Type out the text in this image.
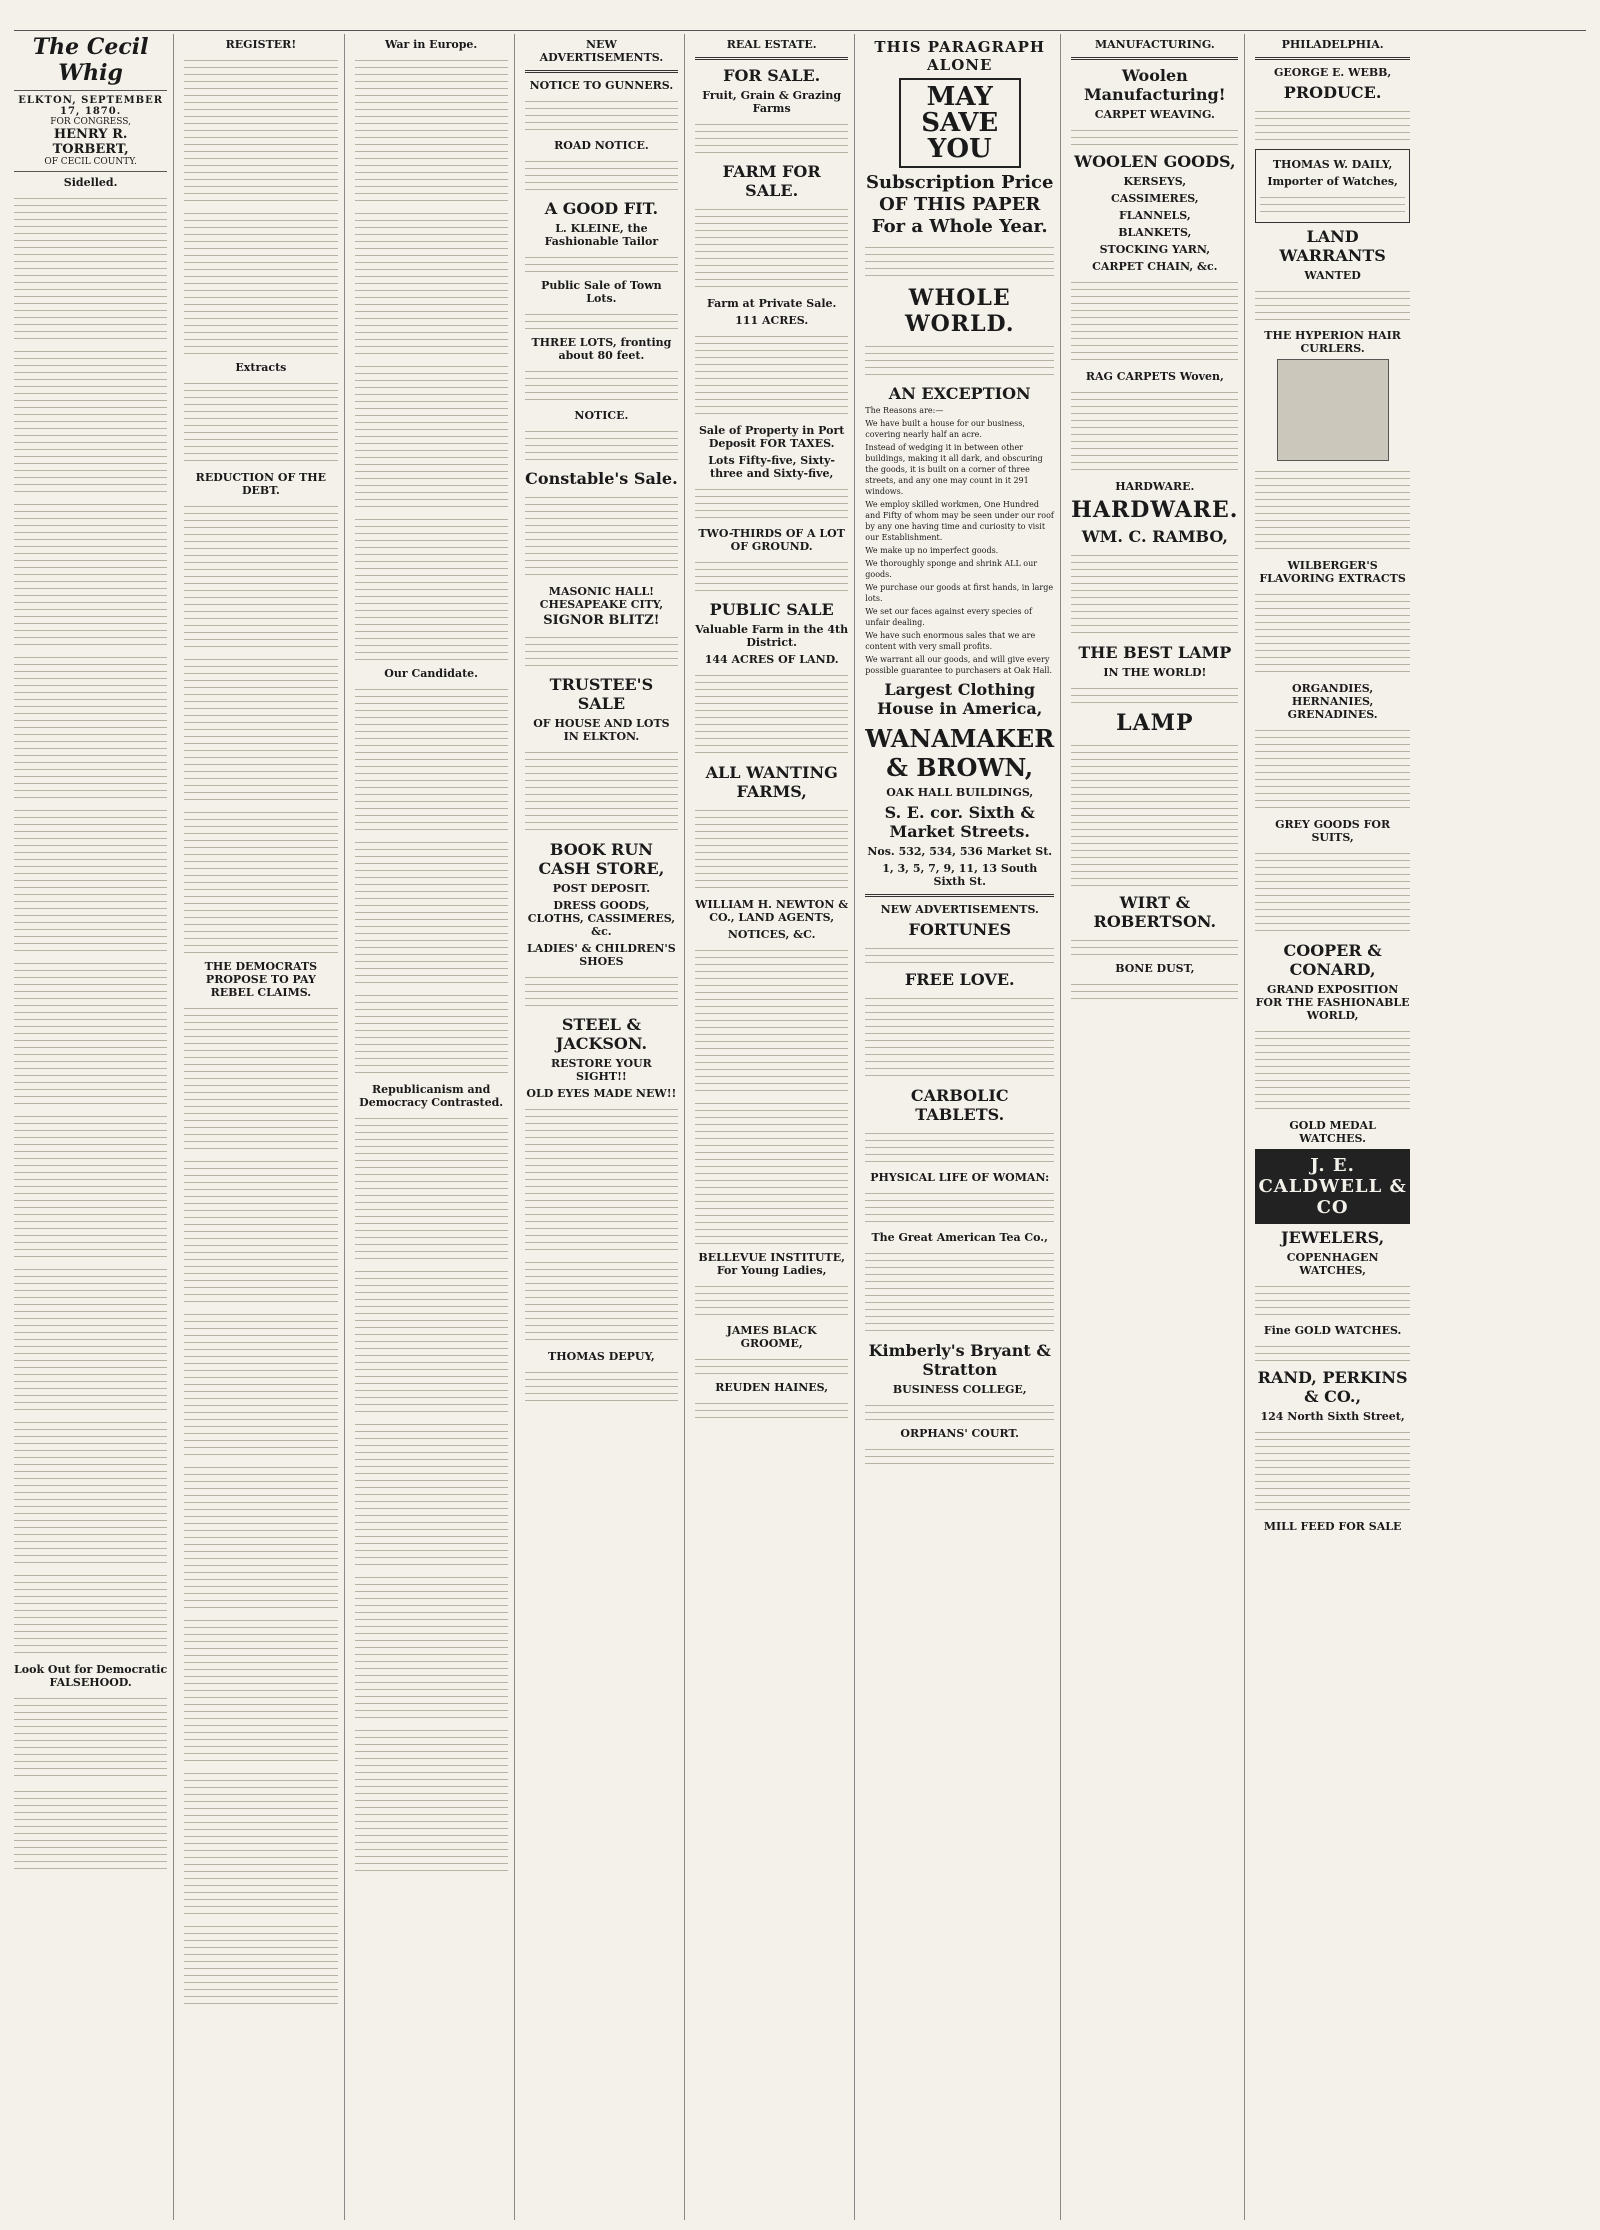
The Cecil Whig
ELKTON, SEPTEMBER 17, 1870.
FOR CONGRESS,
HENRY R. TORBERT,
OF CECIL COUNTY.
Sidelled.
Look Out for Democratic FALSEHOOD.
REGISTER!
Extracts
REDUCTION OF THE DEBT.
THE DEMOCRATS PROPOSE TO PAY REBEL CLAIMS.
War in Europe.
Our Candidate.
Republicanism and Democracy Contrasted.
NEW ADVERTISEMENTS.
NOTICE TO GUNNERS.
ROAD NOTICE.
A GOOD FIT.
L. KLEINE, the Fashionable Tailor
Public Sale of Town Lots.
THREE LOTS, fronting about 80 feet.
NOTICE.
Constable's Sale.
MASONIC HALL! CHESAPEAKE CITY,
SIGNOR BLITZ!
TRUSTEE'S SALE
OF HOUSE AND LOTS IN ELKTON.
BOOK RUN CASH STORE,
POST DEPOSIT.
DRESS GOODS, CLOTHS, CASSIMERES, &c.
LADIES' & CHILDREN'S SHOES
STEEL & JACKSON.
RESTORE YOUR SIGHT!!
OLD EYES MADE NEW!!
THOMAS DEPUY,
REAL ESTATE.
FOR SALE.
Fruit, Grain & Grazing Farms
FARM FOR SALE.
Farm at Private Sale.
111 ACRES.
Sale of Property in Port Deposit FOR TAXES.
Lots Fifty-five, Sixty-three and Sixty-five,
TWO-THIRDS OF A LOT OF GROUND.
PUBLIC SALE
Valuable Farm in the 4th District.
144 ACRES OF LAND.
ALL WANTING FARMS,
WILLIAM H. NEWTON & CO., LAND AGENTS,
NOTICES, &C.
BELLEVUE INSTITUTE, For Young Ladies,
JAMES BLACK GROOME,
REUDEN HAINES,
THIS PARAGRAPH ALONE
MAY SAVE YOU
Subscription Price
OF THIS PAPER
For a Whole Year.
WHOLE WORLD.
AN EXCEPTION
The Reasons are:—
We have built a house for our business, covering nearly half an acre.
Instead of wedging it in between other buildings, making it all dark, and obscuring the goods, it is built on a corner of three streets, and any one may count in it 291 windows.
We employ skilled workmen, One Hundred and Fifty of whom may be seen under our roof by any one having time and curiosity to visit our Establishment.
We make up no imperfect goods.
We thoroughly sponge and shrink ALL our goods.
We purchase our goods at first hands, in large lots.
We set our faces against every species of unfair dealing.
We have such enormous sales that we are content with very small profits.
We warrant all our goods, and will give every possible guarantee to purchasers at Oak Hall.
Largest Clothing House in America,
WANAMAKER & BROWN,
OAK HALL BUILDINGS,
S. E. cor. Sixth & Market Streets.
Nos. 532, 534, 536 Market St.
1, 3, 5, 7, 9, 11, 13 South Sixth St.
NEW ADVERTISEMENTS.
FORTUNES
FREE LOVE.
CARBOLIC TABLETS.
PHYSICAL LIFE OF WOMAN:
The Great American Tea Co.,
Kimberly's Bryant & Stratton
BUSINESS COLLEGE,
ORPHANS' COURT.
MANUFACTURING.
Woolen Manufacturing!
CARPET WEAVING.
WOOLEN GOODS,
KERSEYS,
CASSIMERES,
FLANNELS,
BLANKETS,
STOCKING YARN,
CARPET CHAIN, &c.
RAG CARPETS Woven,
HARDWARE.
HARDWARE.
WM. C. RAMBO,
THE BEST LAMP
IN THE WORLD!
LAMP
WIRT & ROBERTSON.
BONE DUST,
PHILADELPHIA.
GEORGE E. WEBB,
PRODUCE.
THOMAS W. DAILY,
Importer of Watches,
LAND WARRANTS
WANTED
THE HYPERION HAIR CURLERS.
WILBERGER'S FLAVORING EXTRACTS
ORGANDIES, HERNANIES, GRENADINES.
GREY GOODS FOR SUITS,
COOPER & CONARD,
GRAND EXPOSITION FOR THE FASHIONABLE WORLD,
GOLD MEDAL WATCHES.
J. E. CALDWELL & CO
JEWELERS,
COPENHAGEN WATCHES,
Fine GOLD WATCHES.
RAND, PERKINS & CO.,
124 North Sixth Street,
MILL FEED FOR SALE
